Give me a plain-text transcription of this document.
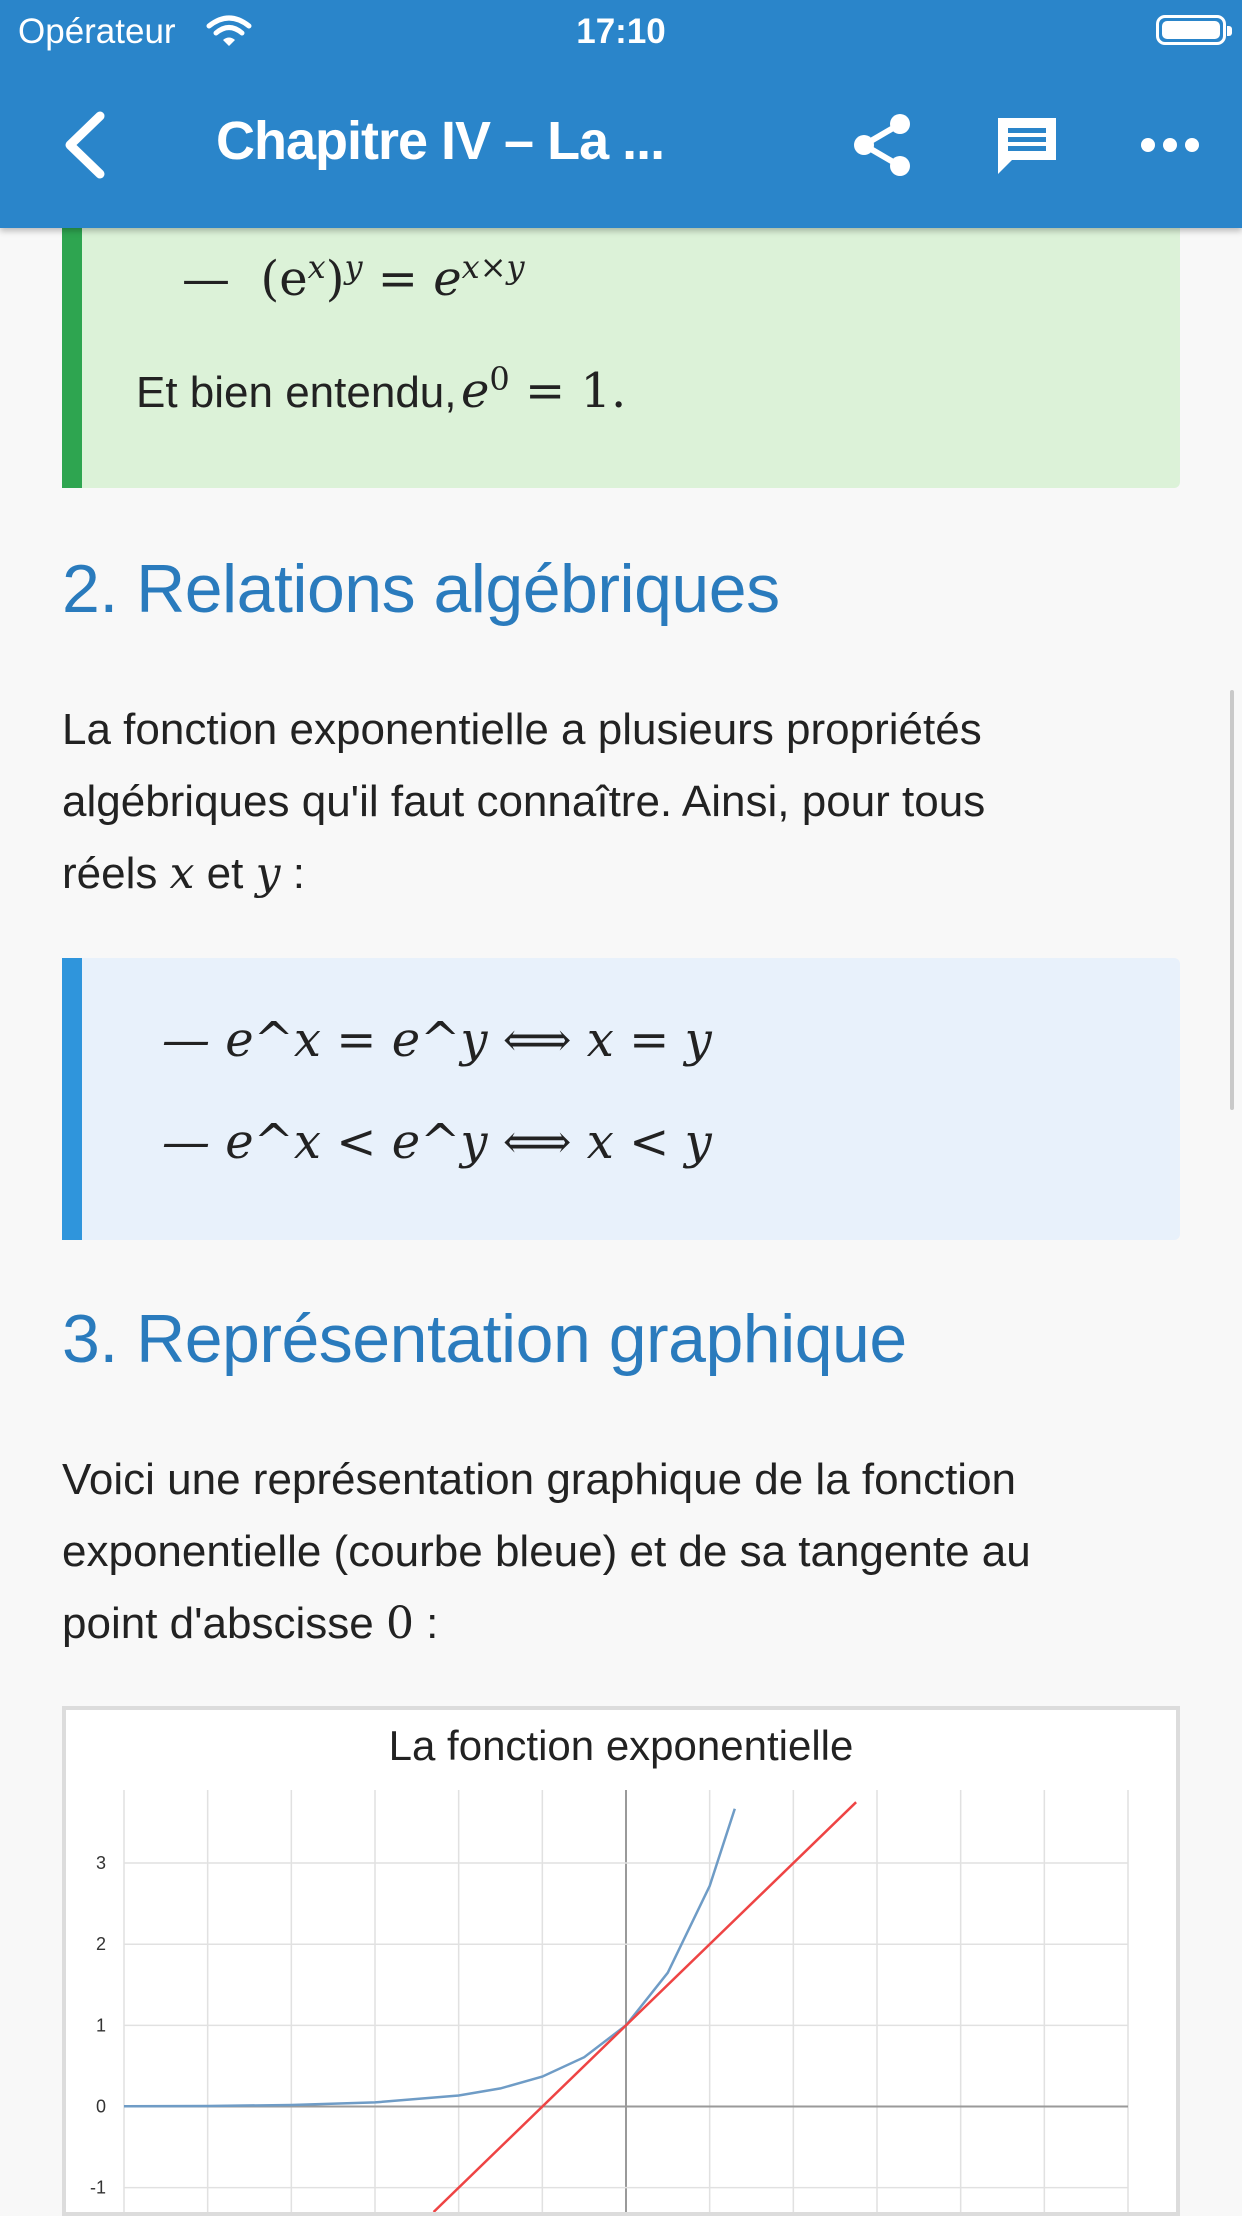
Opérateur	17:10
Chapitre IV – La ...
— $(e^x)^y = e^{x\times y}$
Et bien entendu, $e^0 = 1$.
2. Relations algébriques
La fonction exponentielle a plusieurs propriétés
algébriques qu'il faut connaître. Ainsi, pour tous
réels x et y :
— e^x = e^y ⟺ x = y
— e^x < e^y ⟺ x < y
3. Représentation graphique
Voici une représentation graphique de la fonction
exponentielle (courbe bleue) et de sa tangente au
point d'abscisse 0 :
La fonction exponentielle
3
2
1
0
-1
